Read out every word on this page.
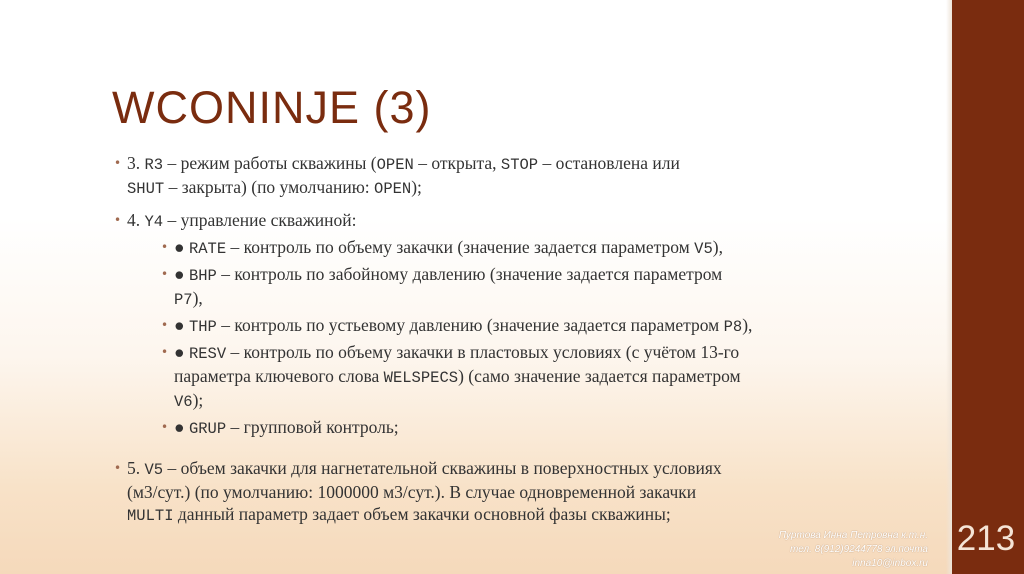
WCONINJE (3)
• 3. R3 – режим работы скважины (OPEN – открыта, STOP – остановлена или
SHUT – закрыта) (по умолчанию: OPEN);
• 4. Y4 – управление скважиной:
• ● RATE – контроль по объему закачки (значение задается параметром V5),
• ● BHP – контроль по забойному давлению (значение задается параметром
P7),
• ● THP – контроль по устьевому давлению (значение задается параметром P8),
• ● RESV – контроль по объему закачки в пластовых условиях (с учётом 13-го
параметра ключевого слова WELSPECS) (само значение задается параметром
V6);
• ● GRUP – групповой контроль;
• 5. V5 – объем закачки для нагнетательной скважины в поверхностных условиях
(м3/сут.) (по умолчанию: 1000000 м3/сут.). В случае одновременной закачки
MULTI данный параметр задает объем закачки основной фазы скважины;
Пуртова Инна Петровна к.т.н.
тел. 8(912)9244778 эл.почта
inna10@inbox.ru
213
